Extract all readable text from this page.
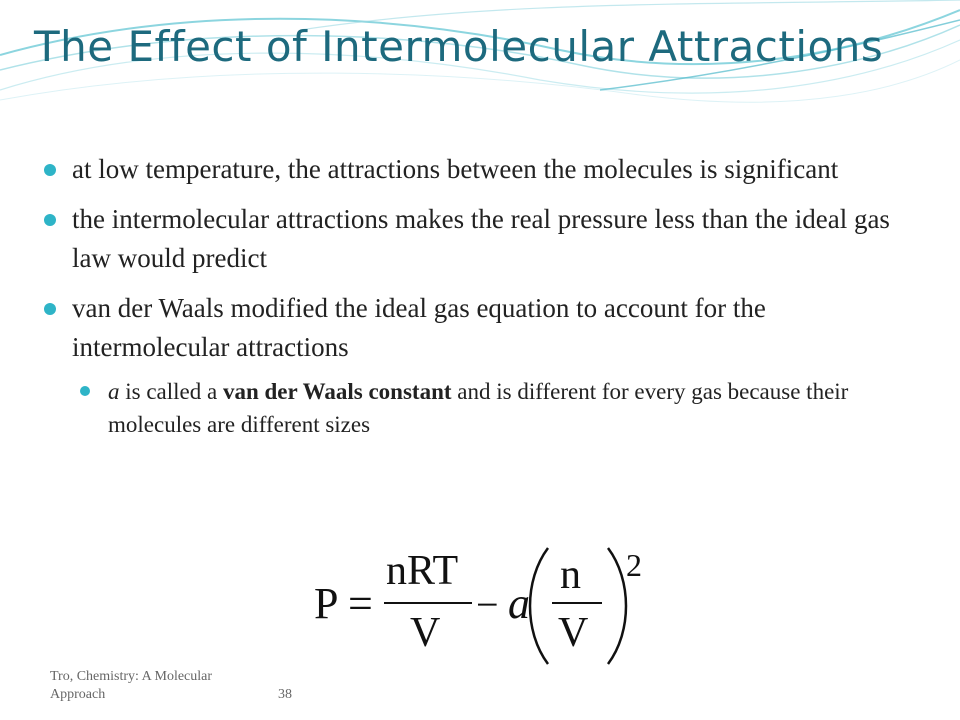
The Effect of Intermolecular Attractions
at low temperature, the attractions between the molecules is significant
the intermolecular attractions makes the real pressure less than the ideal gas law would predict
van der Waals modified the ideal gas equation to account for the intermolecular attractions
a is called a van der Waals constant and is different for every gas because their molecules are different sizes
P =
nRT
V
− a
n
V
2
Tro, Chemistry: A Molecular Approach	38
